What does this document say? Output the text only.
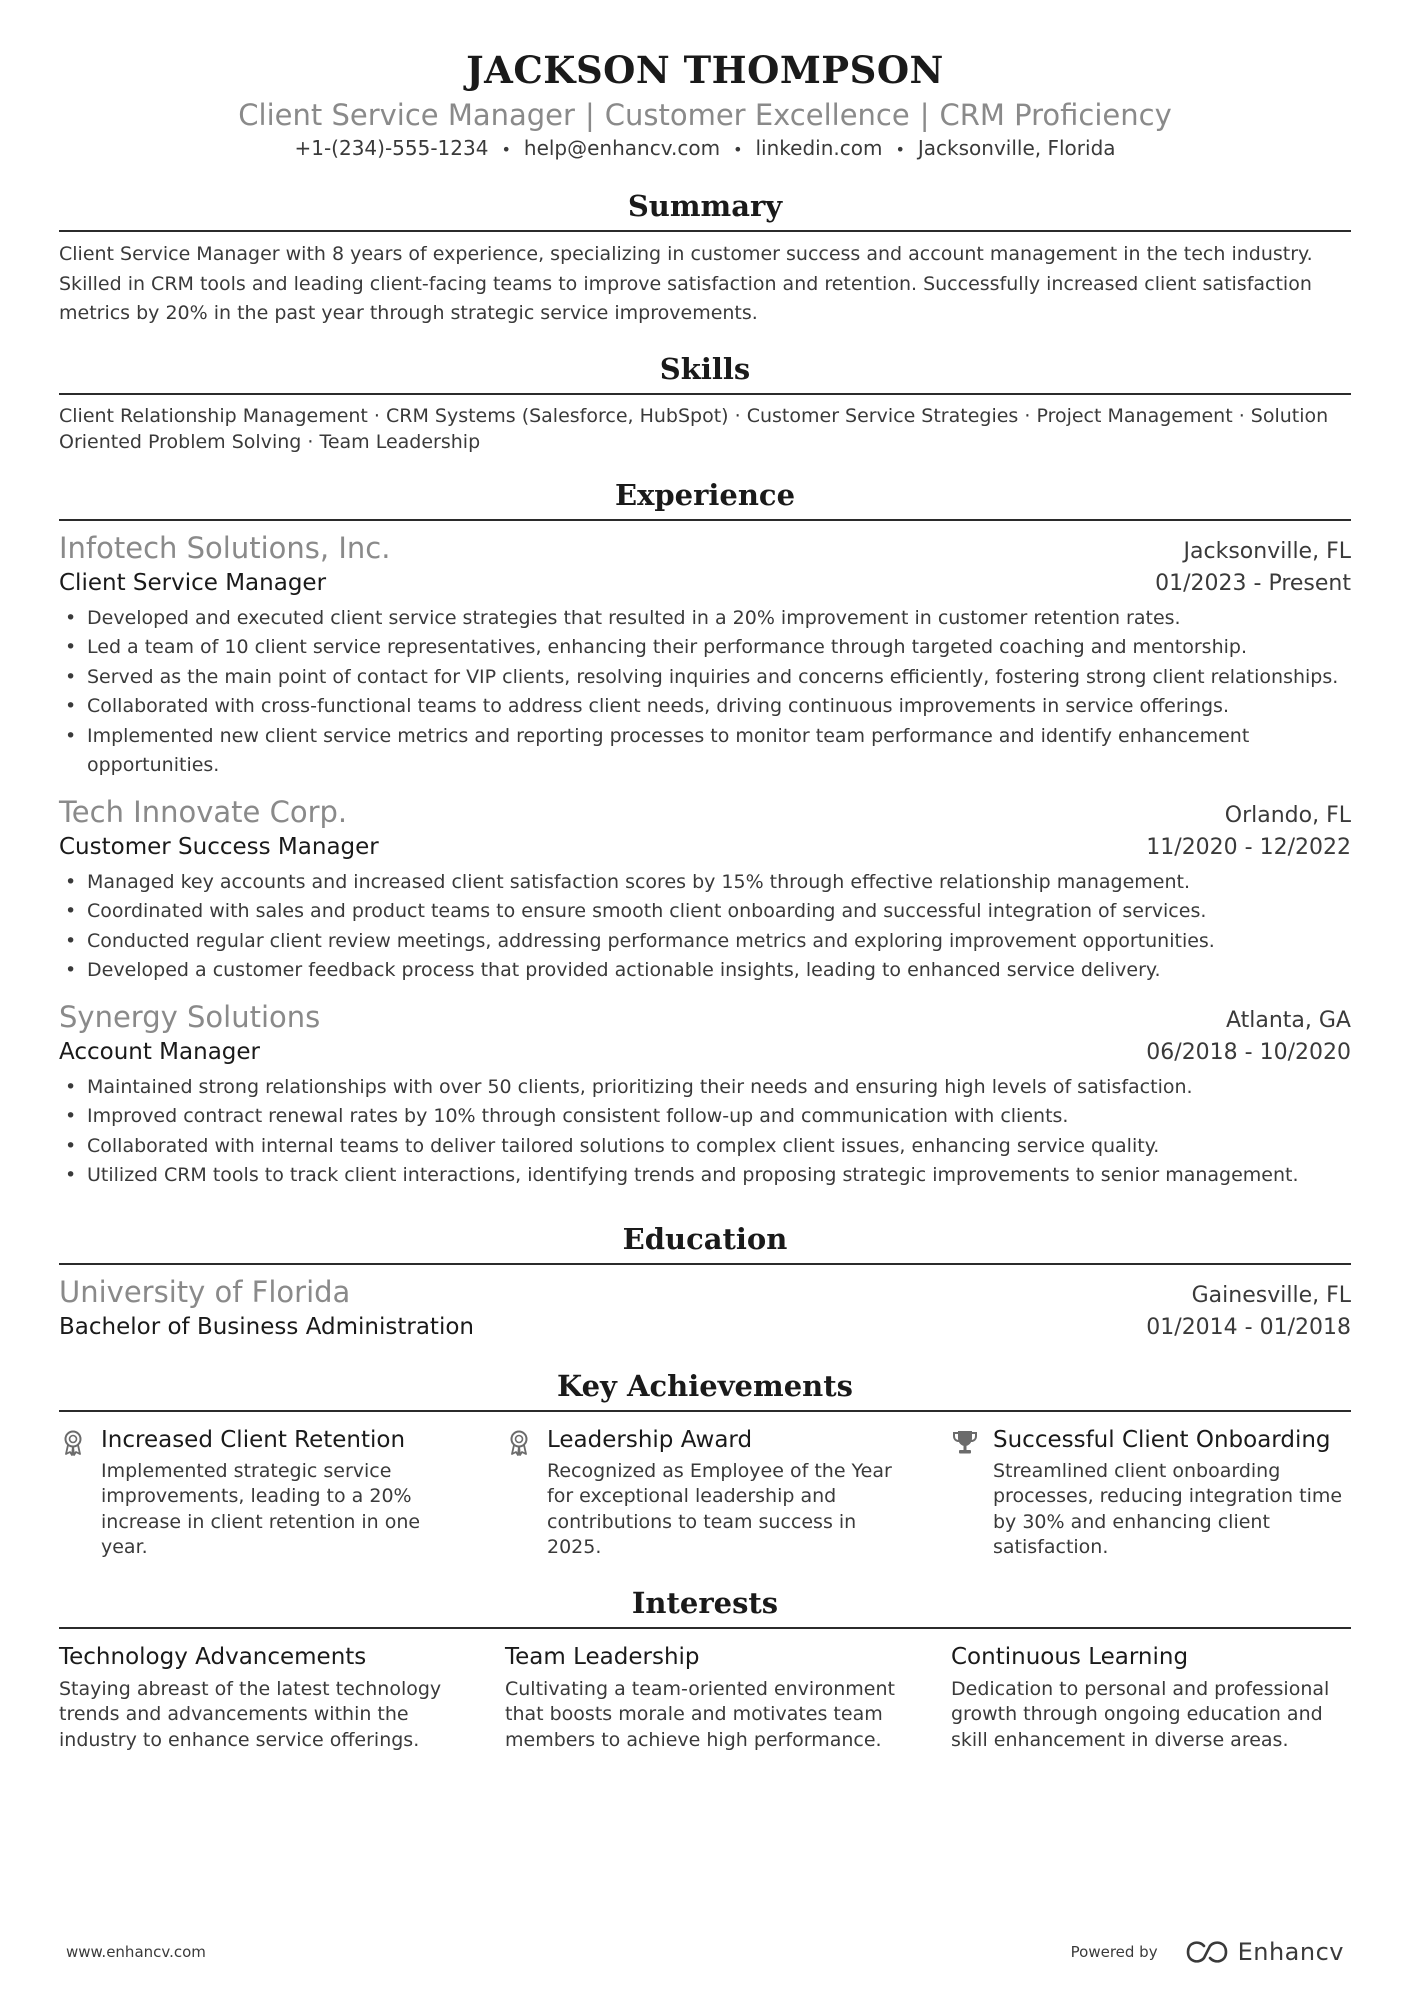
JACKSON THOMPSON
Client Service Manager | Customer Excellence | CRM Proficiency
+1-(234)-555-1234 • help@enhancv.com • linkedin.com • Jacksonville, Florida
Summary
Client Service Manager with 8 years of experience, specializing in customer success and account management in the tech industry. Skilled in CRM tools and leading client-facing teams to improve satisfaction and retention. Successfully increased client satisfaction metrics by 20% in the past year through strategic service improvements.
Skills
Client Relationship Management · CRM Systems (Salesforce, HubSpot) · Customer Service Strategies · Project Management · Solution Oriented Problem Solving · Team Leadership
Experience
Infotech Solutions, Inc.	Jacksonville, FL
Client Service Manager	01/2023 - Present
• Developed and executed client service strategies that resulted in a 20% improvement in customer retention rates.
• Led a team of 10 client service representatives, enhancing their performance through targeted coaching and mentorship.
• Served as the main point of contact for VIP clients, resolving inquiries and concerns efficiently, fostering strong client relationships.
• Collaborated with cross-functional teams to address client needs, driving continuous improvements in service offerings.
• Implemented new client service metrics and reporting processes to monitor team performance and identify enhancement opportunities.
Tech Innovate Corp.	Orlando, FL
Customer Success Manager	11/2020 - 12/2022
• Managed key accounts and increased client satisfaction scores by 15% through effective relationship management.
• Coordinated with sales and product teams to ensure smooth client onboarding and successful integration of services.
• Conducted regular client review meetings, addressing performance metrics and exploring improvement opportunities.
• Developed a customer feedback process that provided actionable insights, leading to enhanced service delivery.
Synergy Solutions	Atlanta, GA
Account Manager	06/2018 - 10/2020
• Maintained strong relationships with over 50 clients, prioritizing their needs and ensuring high levels of satisfaction.
• Improved contract renewal rates by 10% through consistent follow-up and communication with clients.
• Collaborated with internal teams to deliver tailored solutions to complex client issues, enhancing service quality.
• Utilized CRM tools to track client interactions, identifying trends and proposing strategic improvements to senior management.
Education
University of Florida	Gainesville, FL
Bachelor of Business Administration	01/2014 - 01/2018
Key Achievements
Increased Client Retention
Implemented strategic service improvements, leading to a 20% increase in client retention in one year.
Leadership Award
Recognized as Employee of the Year for exceptional leadership and contributions to team success in 2025.
Successful Client Onboarding
Streamlined client onboarding processes, reducing integration time by 30% and enhancing client satisfaction.
Interests
Technology Advancements
Staying abreast of the latest technology trends and advancements within the industry to enhance service offerings.
Team Leadership
Cultivating a team-oriented environment that boosts morale and motivates team members to achieve high performance.
Continuous Learning
Dedication to personal and professional growth through ongoing education and skill enhancement in diverse areas.
www.enhancv.com	Powered by	Enhancv
